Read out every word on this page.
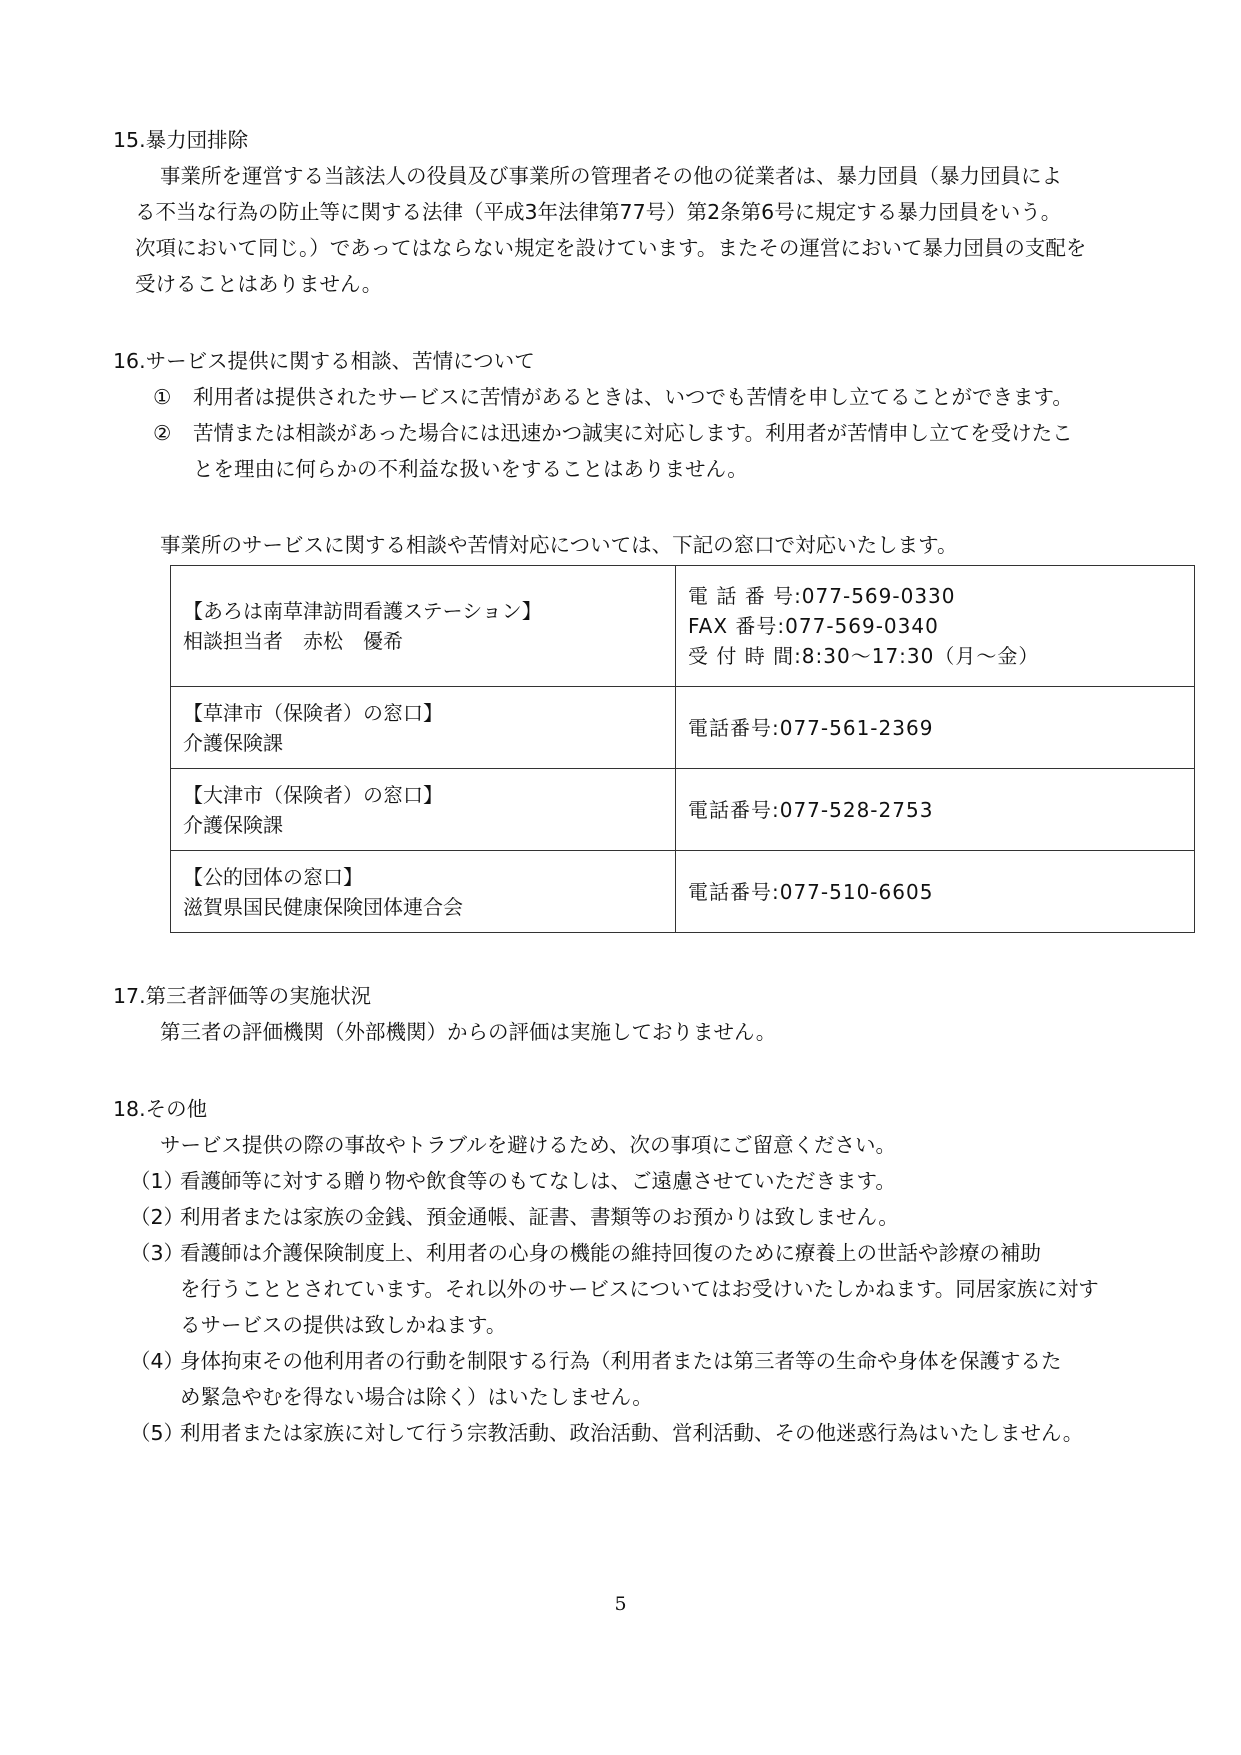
15.暴力団排除
事業所を運営する当該法人の役員及び事業所の管理者その他の従業者は、暴力団員（暴力団員によ
る不当な行為の防止等に関する法律（平成3年法律第77号）第2条第6号に規定する暴力団員をいう。
次項において同じ。）であってはならない規定を設けています。またその運営において暴力団員の支配を
受けることはありません。
16.サービス提供に関する相談、苦情について
① 利用者は提供されたサービスに苦情があるときは、いつでも苦情を申し立てることができます。
② 苦情または相談があった場合には迅速かつ誠実に対応します。利用者が苦情申し立てを受けたこ
とを理由に何らかの不利益な扱いをすることはありません。
事業所のサービスに関する相談や苦情対応については、下記の窓口で対応いたします。
【あろは南草津訪問看護ステーション】
相談担当者　赤松　優希	電 話 番 号:077-569-0330
FAX 番号:077-569-0340
受 付 時 間:8:30～17:30（月～金）

【草津市（保険者）の窓口】
介護保険課	電話番号:077-561-2369

【大津市（保険者）の窓口】
介護保険課	電話番号:077-528-2753

【公的団体の窓口】
滋賀県国民健康保険団体連合会	電話番号:077-510-6605
17.第三者評価等の実施状況
第三者の評価機関（外部機関）からの評価は実施しておりません。
18.その他
サービス提供の際の事故やトラブルを避けるため、次の事項にご留意ください。
（1）
看護師等に対する贈り物や飲食等のもてなしは、ご遠慮させていただきます。
（2）
利用者または家族の金銭、預金通帳、証書、書類等のお預かりは致しません。
（3）
看護師は介護保険制度上、利用者の心身の機能の維持回復のために療養上の世話や診療の補助
を行うこととされています。それ以外のサービスについてはお受けいたしかねます。同居家族に対す
るサービスの提供は致しかねます。
（4）
身体拘束その他利用者の行動を制限する行為（利用者または第三者等の生命や身体を保護するた
め緊急やむを得ない場合は除く）はいたしません。
（5）
利用者または家族に対して行う宗教活動、政治活動、営利活動、その他迷惑行為はいたしません。
5
